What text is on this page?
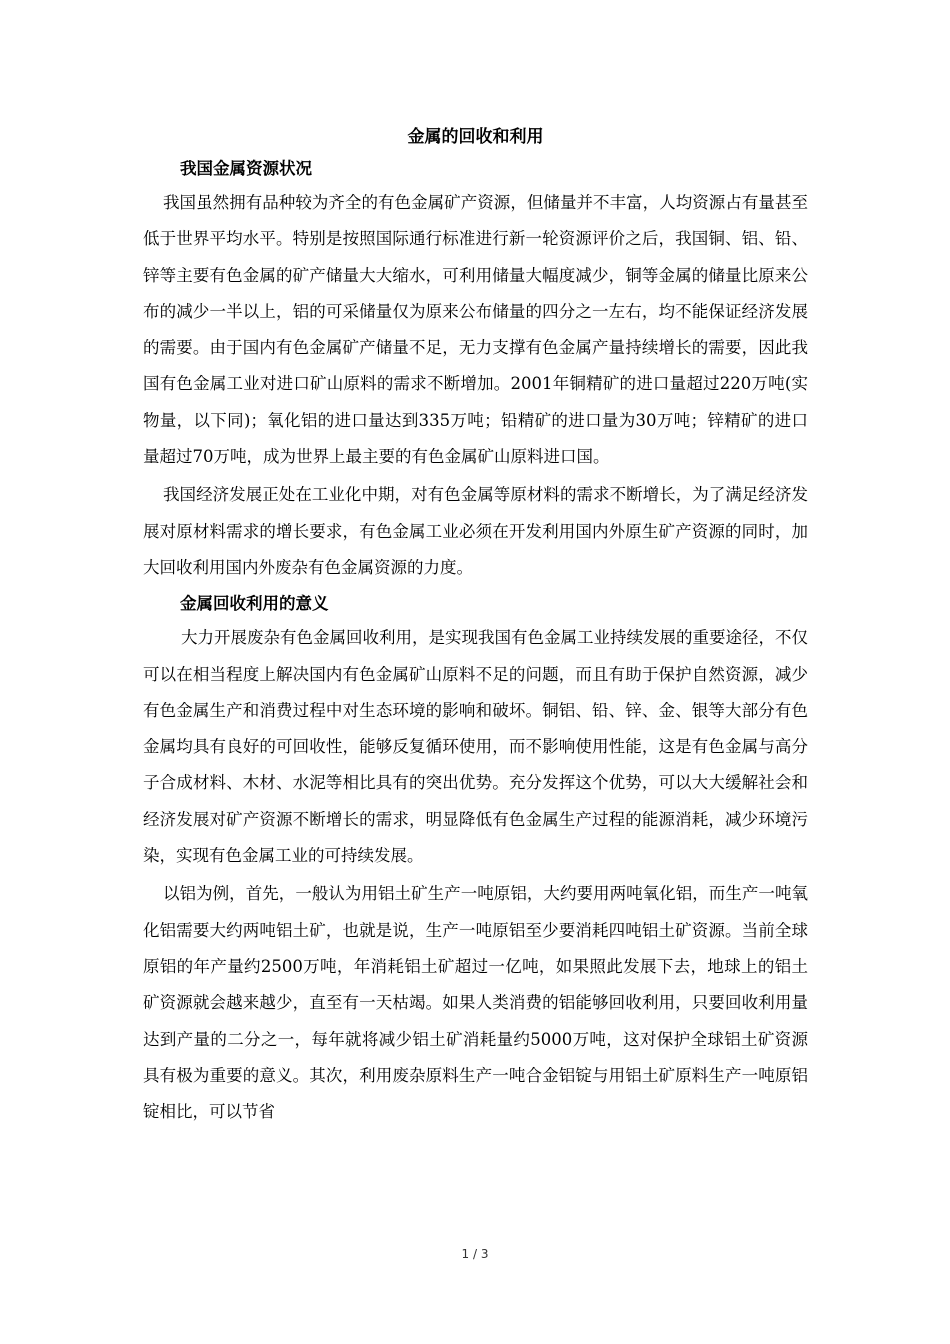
金属的回收和利用
我国金属资源状况

我国虽然拥有品种较为齐全的有色金属矿产资源，但储量并不丰富，人均资源占有量甚至低于世界平均水平。特别是按照国际通行标准进行新一轮资源评价之后，我国铜、铝、铅、锌等主要有色金属的矿产储量大大缩水，可利用储量大幅度减少，铜等金属的储量比原来公布的减少一半以上，铝的可采储量仅为原来公布储量的四分之一左右，均不能保证经济发展的需要。由于国内有色金属矿产储量不足，无力支撑有色金属产量持续增长的需要，因此我国有色金属工业对进口矿山原料的需求不断增加。2001年铜精矿的进口量超过220万吨(实物量，以下同)；氧化铝的进口量达到335万吨；铅精矿的进口量为30万吨；锌精矿的进口量超过70万吨，成为世界上最主要的有色金属矿山原料进口国。

我国经济发展正处在工业化中期，对有色金属等原材料的需求不断增长，为了满足经济发展对原材料需求的增长要求，有色金属工业必须在开发利用国内外原生矿产资源的同时，加大回收利用国内外废杂有色金属资源的力度。

金属回收利用的意义

大力开展废杂有色金属回收利用，是实现我国有色金属工业持续发展的重要途径，不仅可以在相当程度上解决国内有色金属矿山原料不足的问题，而且有助于保护自然资源，减少有色金属生产和消费过程中对生态环境的影响和破坏。铜铝、铅、锌、金、银等大部分有色金属均具有良好的可回收性，能够反复循环使用，而不影响使用性能，这是有色金属与高分子合成材料、木材、水泥等相比具有的突出优势。充分发挥这个优势，可以大大缓解社会和经济发展对矿产资源不断增长的需求，明显降低有色金属生产过程的能源消耗，减少环境污染，实现有色金属工业的可持续发展。

以铝为例，首先，一般认为用铝土矿生产一吨原铝，大约要用两吨氧化铝，而生产一吨氧化铝需要大约两吨铝土矿，也就是说，生产一吨原铝至少要消耗四吨铝土矿资源。当前全球原铝的年产量约2500万吨，年消耗铝土矿超过一亿吨，如果照此发展下去，地球上的铝土矿资源就会越来越少，直至有一天枯竭。如果人类消费的铝能够回收利用，只要回收利用量达到产量的二分之一，每年就将减少铝土矿消耗量约5000万吨，这对保护全球铝土矿资源具有极为重要的意义。其次，利用废杂原料生产一吨合金铝锭与用铝土矿原料生产一吨原铝锭相比，可以节省

1 / 3
